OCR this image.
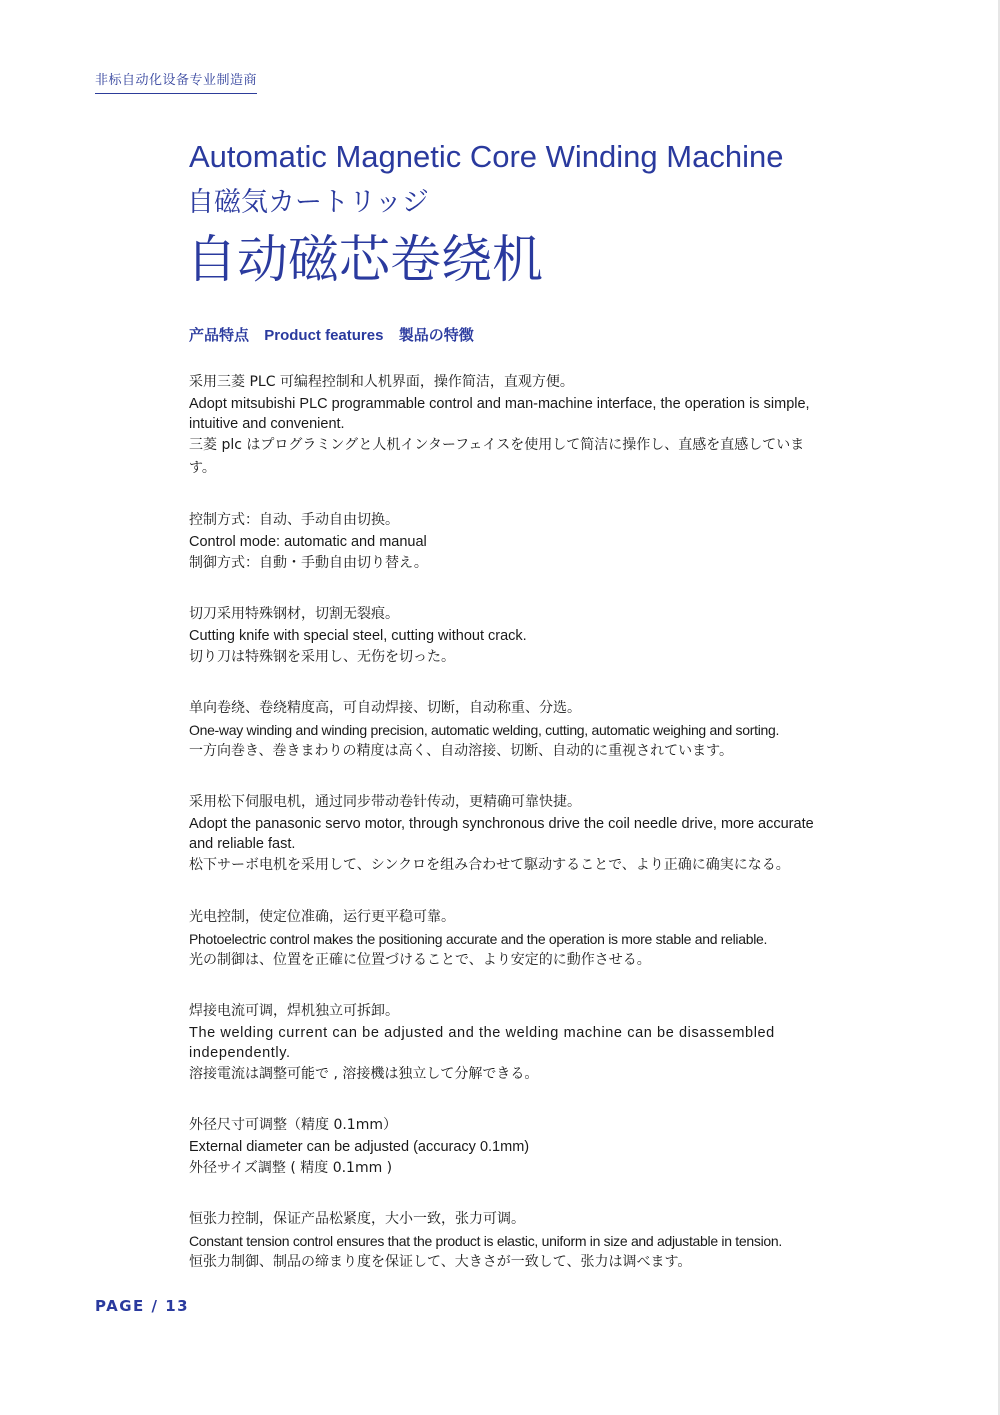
非标自动化设备专业制造商
Automatic Magnetic Core Winding Machine
自磁気カートリッジ
自动磁芯卷绕机
产品特点 Product features 製品の特徴
采用三菱 PLC 可编程控制和人机界面，操作简洁，直观方便。
Adopt mitsubishi PLC programmable control and man-machine interface, the operation is simple, intuitive and convenient.
三菱 plc はプログラミングと人机インターフェイスを使用して简洁に操作し、直感を直感しています。
控制方式：自动、手动自由切换。
Control mode: automatic and manual
制御方式：自動・手動自由切り替え。
切刀采用特殊钢材，切割无裂痕。
Cutting knife with special steel, cutting without crack.
切り刀は特殊钢を采用し、无伤を切った。
单向卷绕、卷绕精度高，可自动焊接、切断，自动称重、分选。
One-way winding and winding precision, automatic welding, cutting, automatic weighing and sorting.
一方向巻き、巻きまわりの精度は高く、自动溶接、切断、自动的に重视されています。
采用松下伺服电机，通过同步带动卷针传动，更精确可靠快捷。
Adopt the panasonic servo motor, through synchronous drive the coil needle drive, more accurate and reliable fast.
松下サーボ电机を采用して、シンクロを组み合わせて駆动することで、より正确に确実になる。
光电控制，使定位准确，运行更平稳可靠。
Photoelectric control makes the positioning accurate and the operation is more stable and reliable.
光の制御は、位置を正確に位置づけることで、より安定的に動作させる。
焊接电流可调，焊机独立可拆卸。
The welding current can be adjusted and the welding machine can be disassembled independently.
溶接電流は調整可能で , 溶接機は独立して分解できる。
外径尺寸可调整（精度 0.1mm）
External diameter can be adjusted (accuracy 0.1mm)
外径サイズ調整 ( 精度 0.1mm )
恒张力控制，保证产品松紧度，大小一致，张力可调。
Constant tension control ensures that the product is elastic, uniform in size and adjustable in tension.
恒张力制御、制品の缔まり度を保证して、大きさが一致して、张力は调べます。
PAGE / 13
